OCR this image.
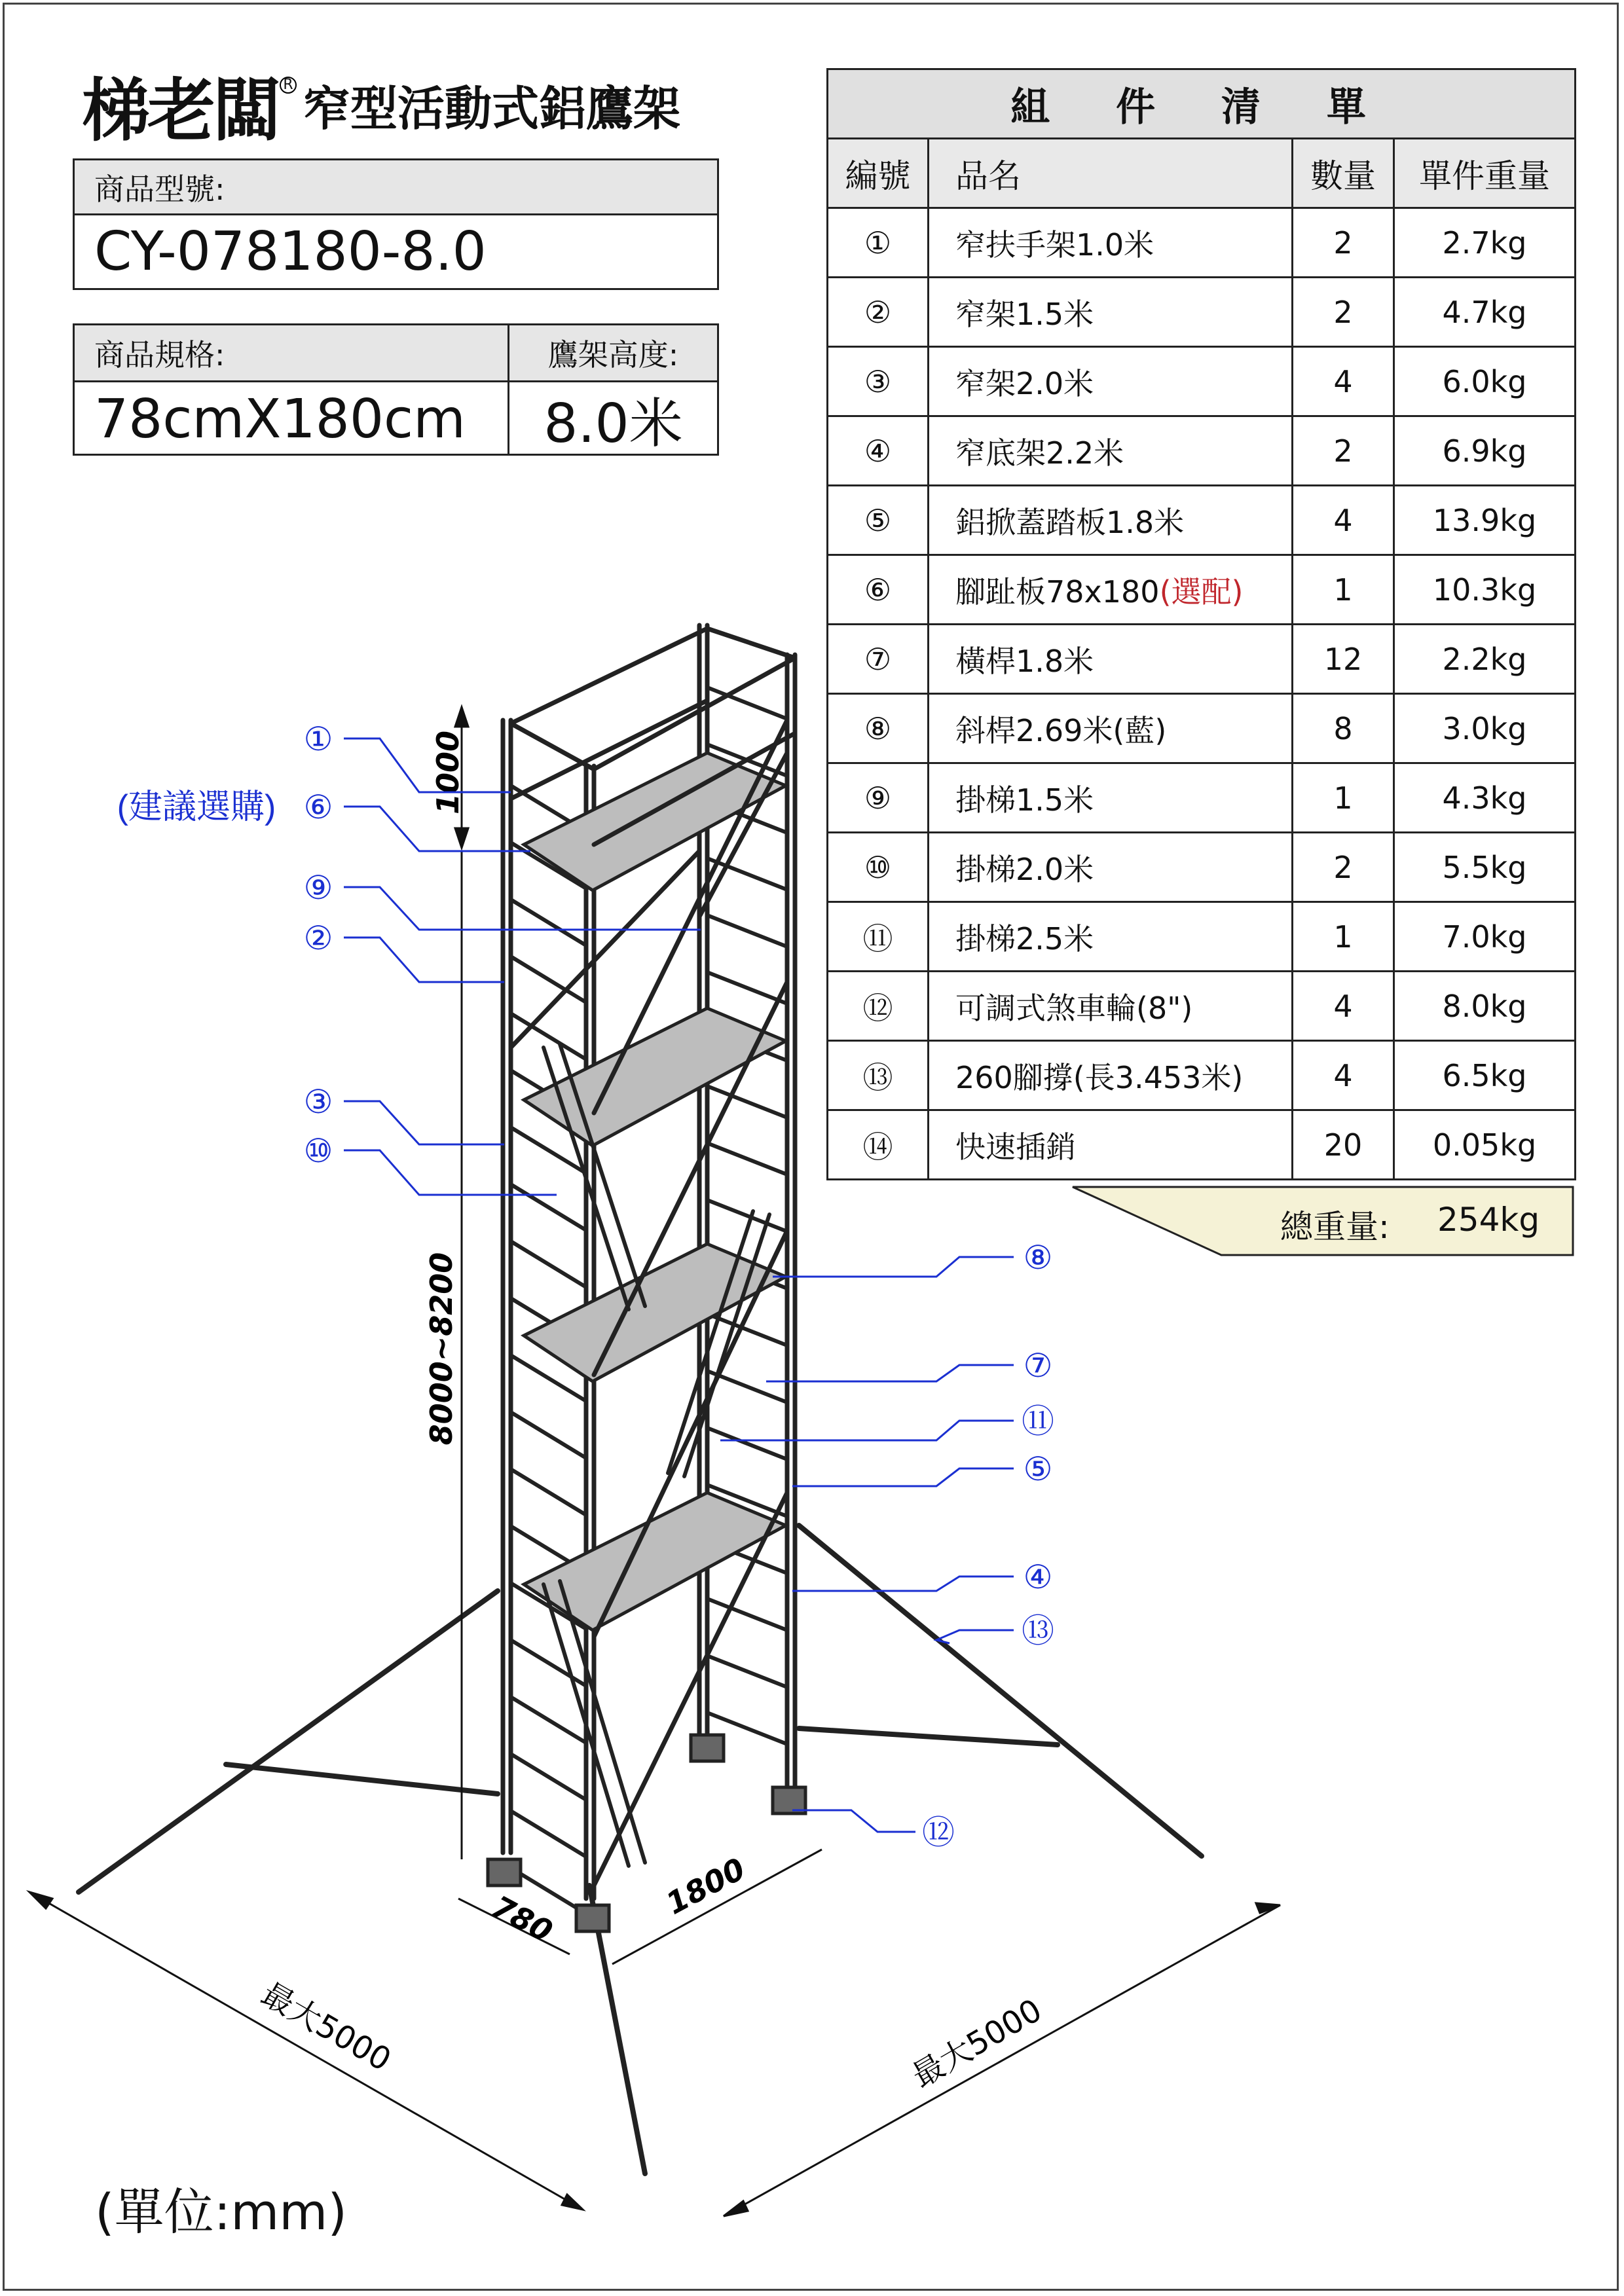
梯老闆 R 窄型活動式鋁鷹架
商品型號:
CY-078180-8.0
商品規格:	鷹架高度:
78cmX180cm	8.0米
組 件 清 單			
編號	品名	數量	單件重量
①	窄扶手架1.0米	2	2.7kg
②	窄架1.5米	2	4.7kg
③	窄架2.0米	4	6.0kg
④	窄底架2.2米	2	6.9kg
⑤	鋁掀蓋踏板1.8米	4	13.9kg
⑥	腳趾板78x180(選配)	1	10.3kg
⑦	橫桿1.8米	12	2.2kg
⑧	斜桿2.69米(藍)	8	3.0kg
⑨	掛梯1.5米	1	4.3kg
⑩	掛梯2.0米	2	5.5kg
⑪	掛梯2.5米	1	7.0kg
⑫	可調式煞車輪(8")	4	8.0kg
⑬	260腳撐(長3.453米)	4	6.5kg
⑭	快速插銷	20	0.05kg
總重量: 254kg
1000
8000~8200
780	1800
最大5000	最大5000
①
⑥
⑨
②
③
⑩
⑧
⑦
⑪
⑤
④
⑬
⑫
(建議選購)
(單位:mm)
